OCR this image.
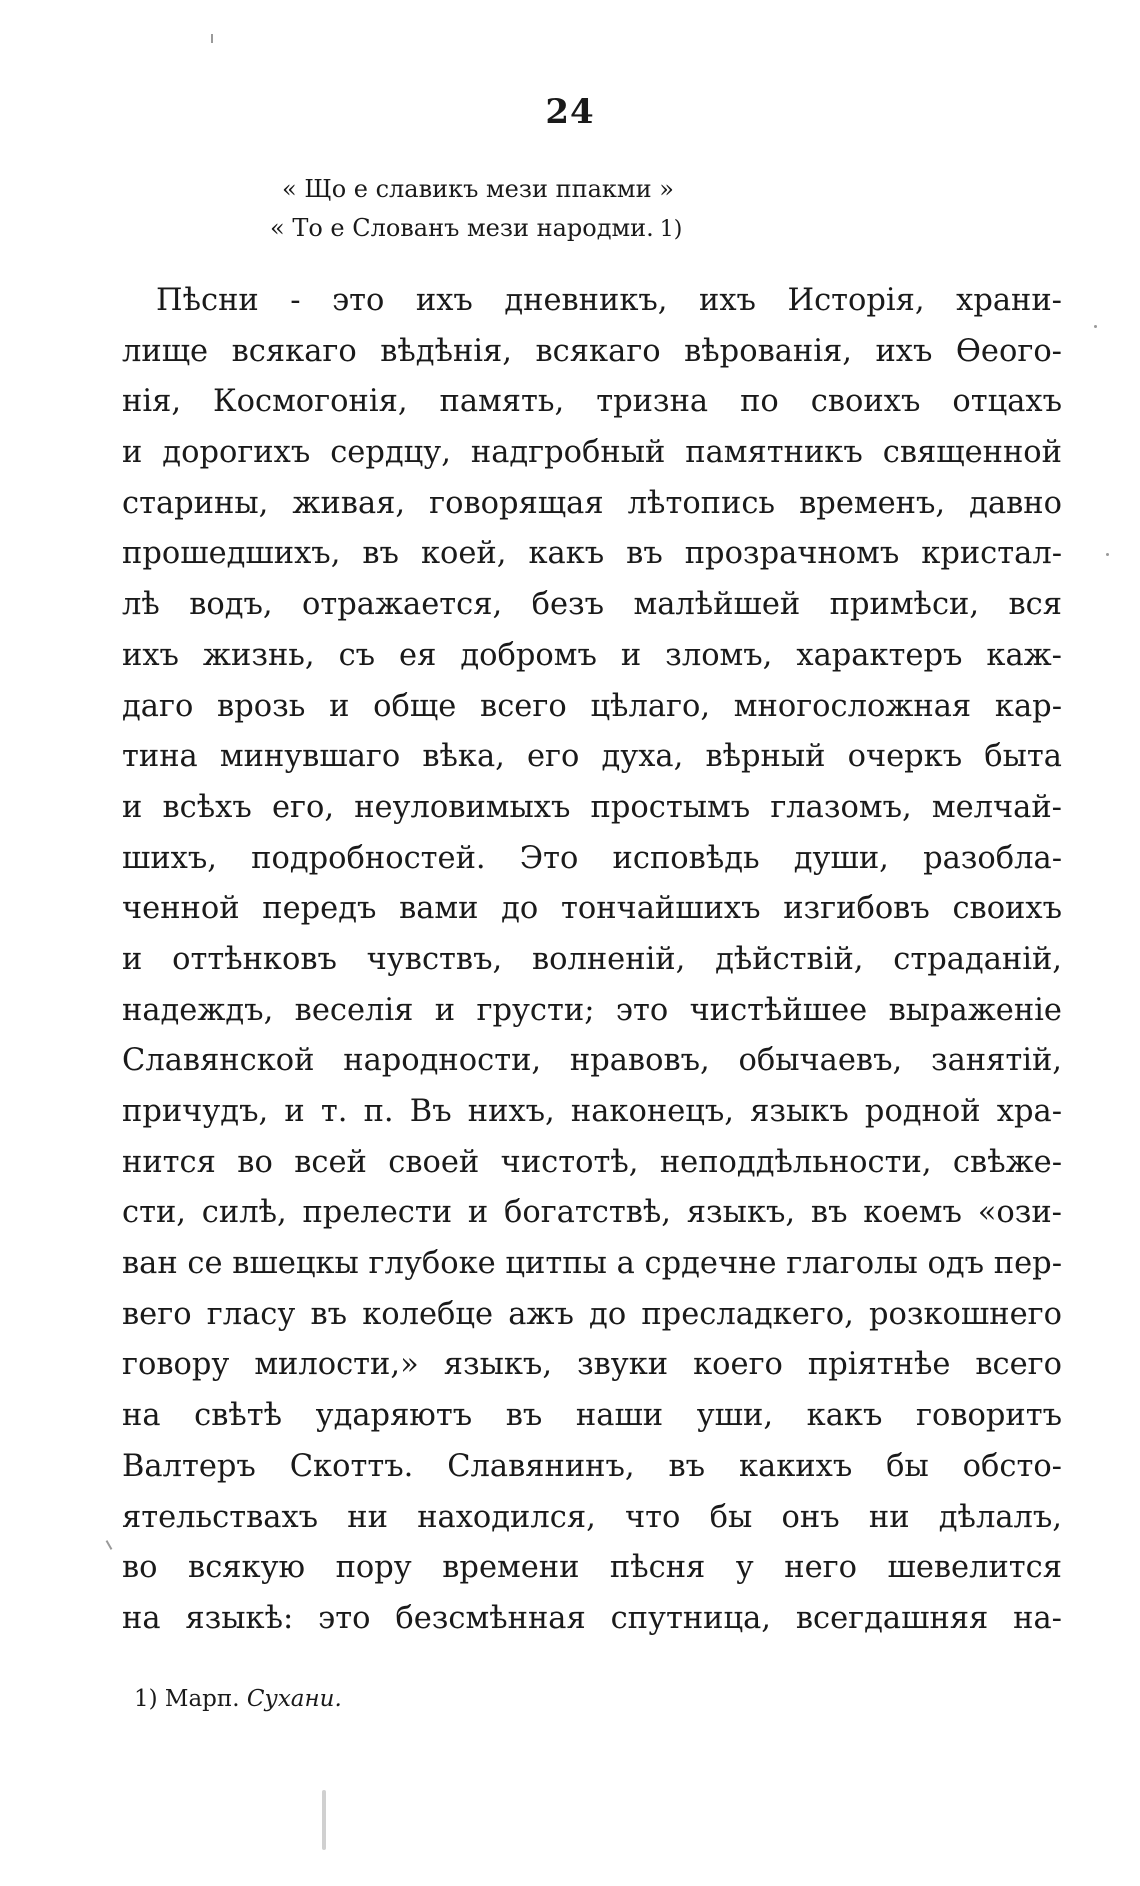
24
« Що е славикъ мези ппакми »
« То е Слованъ мези народми. 1)
Пѣсни - это ихъ дневникъ, ихъ Исторія, храни-
лище всякаго вѣдѣнія, всякаго вѣрованія, ихъ Ѳеого-
нія, Космогонія, память, тризна по своихъ отцахъ
и дорогихъ сердцу, надгробный памятникъ священной
старины, живая, говорящая лѣтопись временъ, давно
прошедшихъ, въ коей, какъ въ прозрачномъ кристал-
лѣ водъ, отражается, безъ малѣйшей примѣси, вся
ихъ жизнь, съ ея добромъ и зломъ, характеръ каж-
даго врозь и обще всего цѣлаго, многосложная кар-
тина минувшаго вѣка, его духа, вѣрный очеркъ быта
и всѣхъ его, неуловимыхъ простымъ глазомъ, мелчай-
шихъ, подробностей. Это исповѣдь души, разобла-
ченной передъ вами до тончайшихъ изгибовъ своихъ
и оттѣнковъ чувствъ, волненій, дѣйствій, страданій,
надеждъ, веселія и грусти; это чистѣйшее выраженіе
Славянской народности, нравовъ, обычаевъ, занятій,
причудъ, и т. п. Въ нихъ, наконецъ, языкъ родной хра-
нится во всей своей чистотѣ, неподдѣльности, свѣже-
сти, силѣ, прелести и богатствѣ, языкъ, въ коемъ «ози-
ван се вшецкы глубоке цитпы а срдечне глаголы одъ пер-
вего гласу въ колебце ажъ до пресладкего, розкошнего
говору милости,» языкъ, звуки коего пріятнѣе всего
на свѣтѣ ударяютъ въ наши уши, какъ говоритъ
Валтеръ Скоттъ. Славянинъ, въ какихъ бы обсто-
ятельствахъ ни находился, что бы онъ ни дѣлалъ,
во всякую пору времени пѣсня у него шевелится
на языкѣ: это безсмѣнная спутница, всегдашняя на-
1) Марп. Сухани.
